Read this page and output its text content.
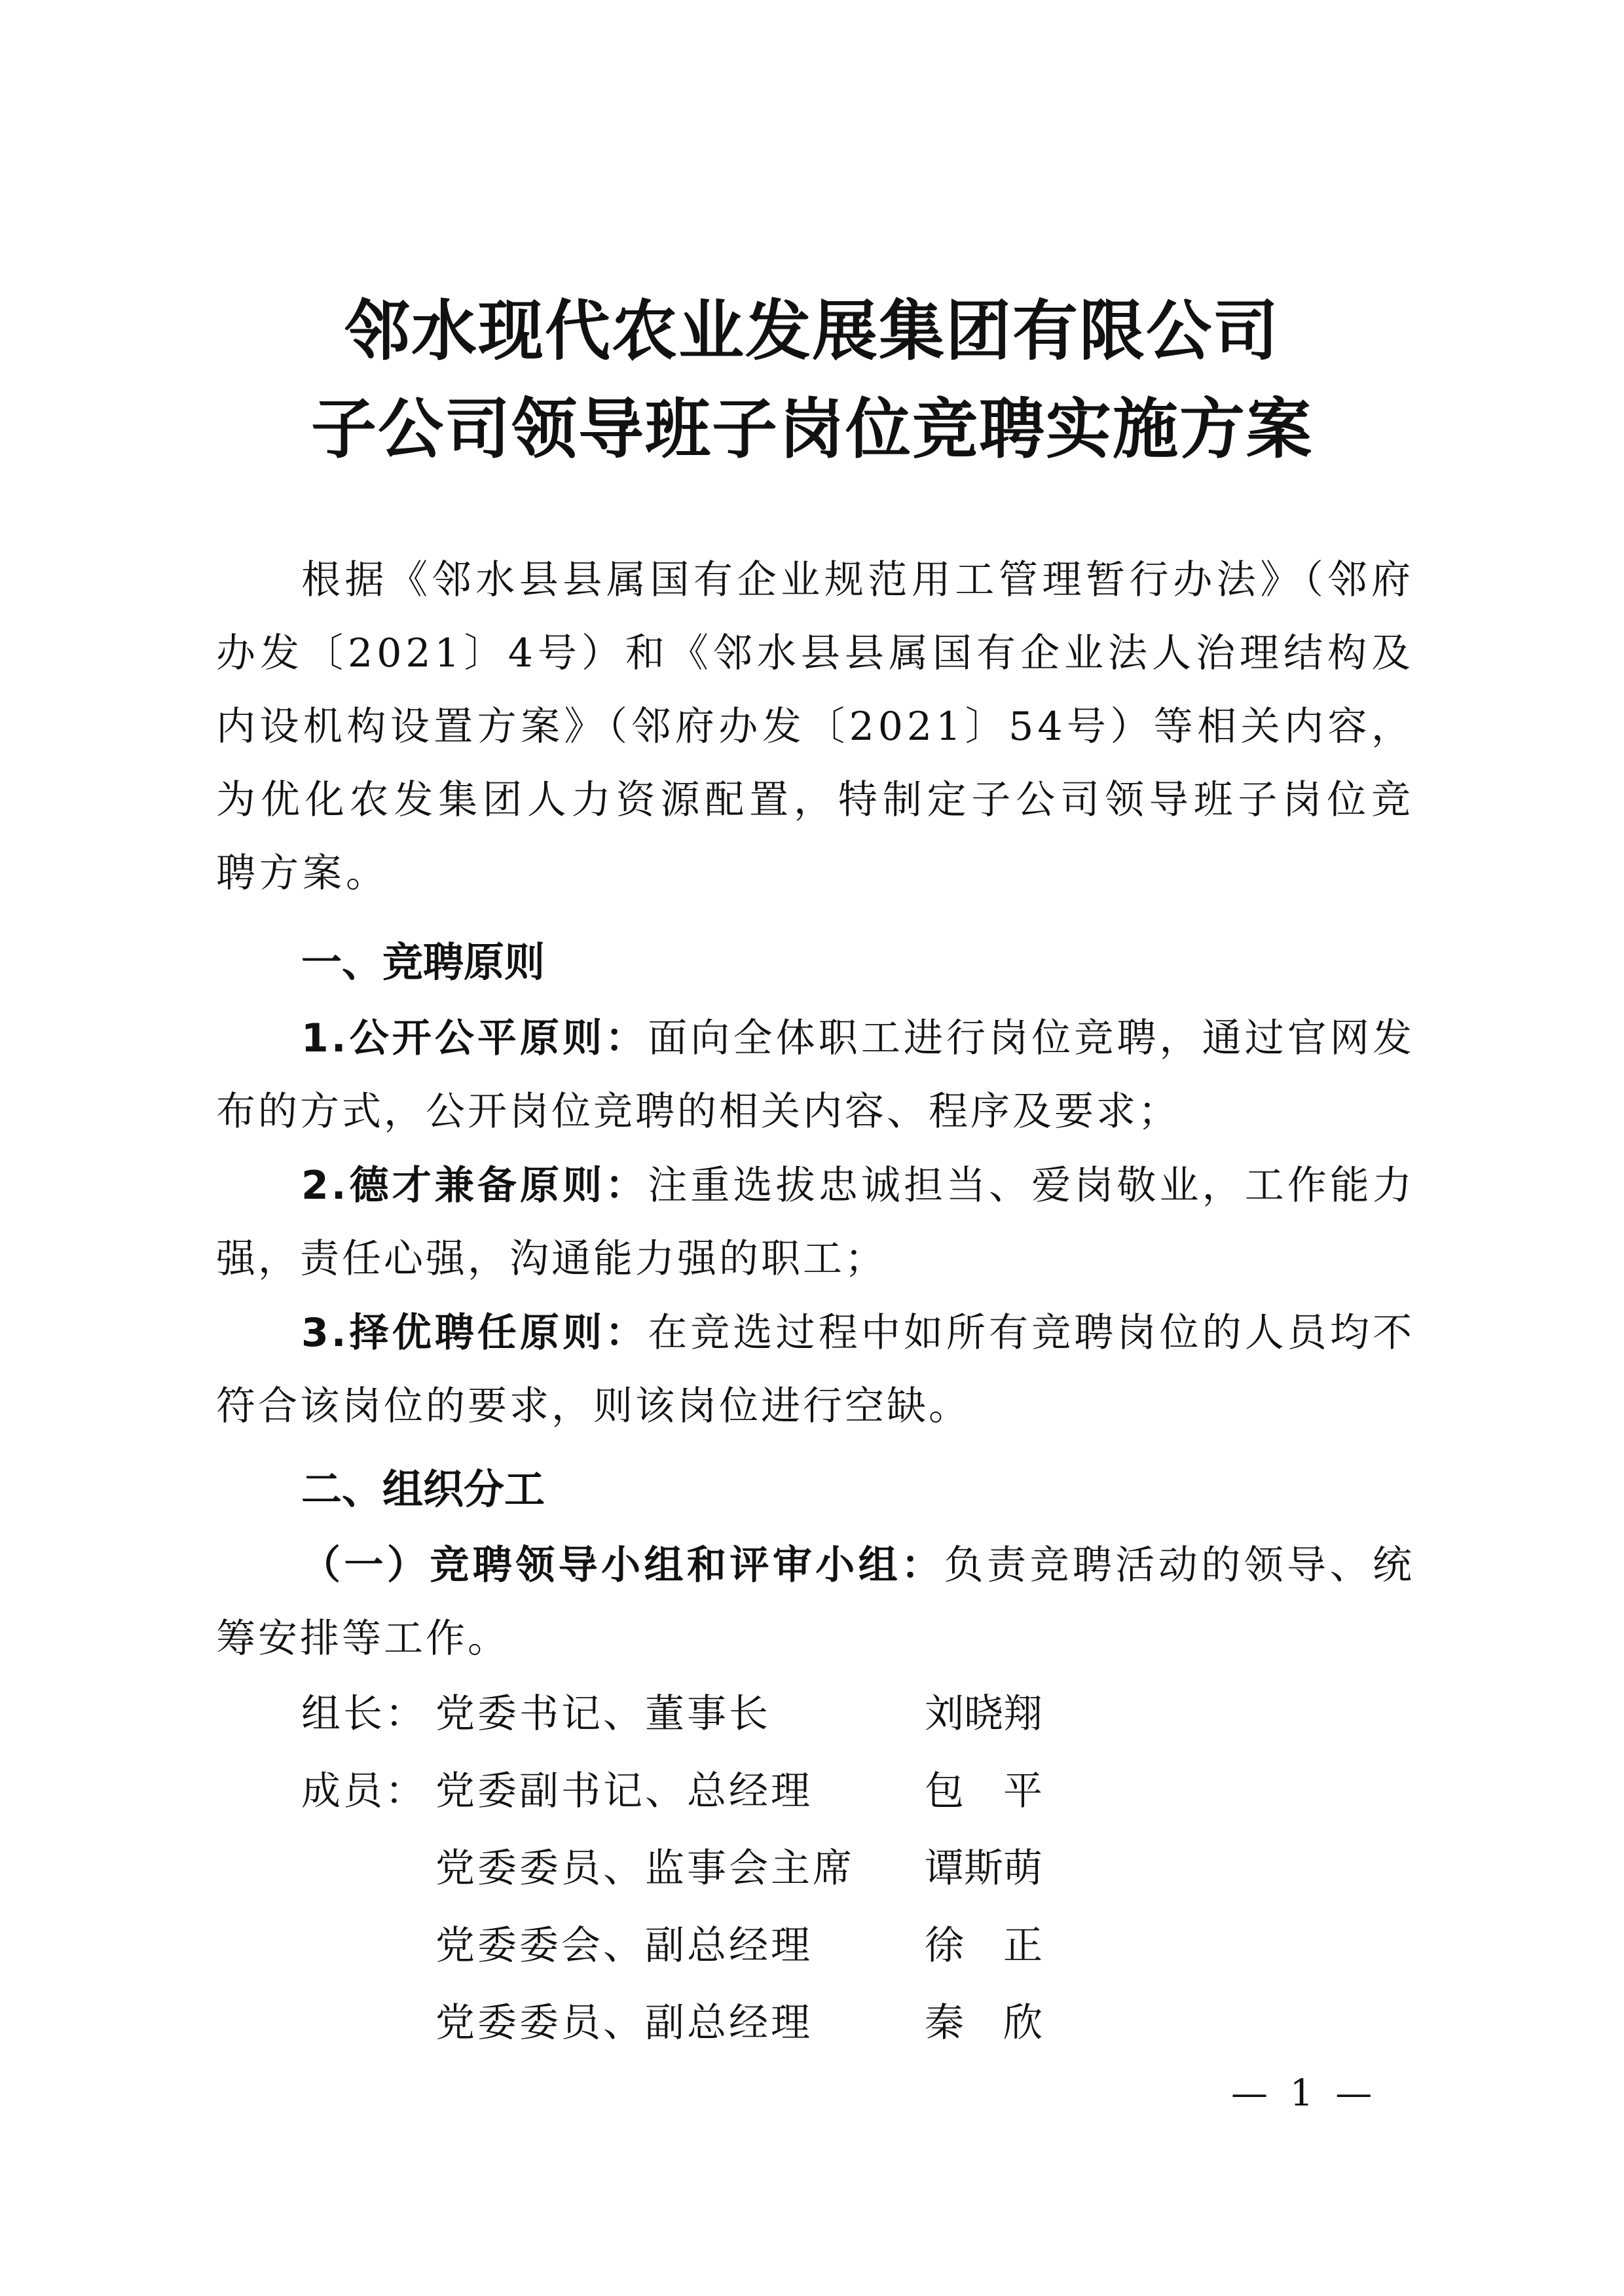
邻水现代农业发展集团有限公司
子公司领导班子岗位竞聘实施方案
根据《邻水县县属国有企业规范用工管理暂行办法》（邻府办发〔2021〕4号）和《邻水县县属国有企业法人治理结构及内设机构设置方案》（邻府办发〔2021〕54号）等相关内容，为优化农发集团人力资源配置，特制定子公司领导班子岗位竞聘方案。
一、竞聘原则
1.公开公平原则：面向全体职工进行岗位竞聘，通过官网发布的方式，公开岗位竞聘的相关内容、程序及要求；
2.德才兼备原则：注重选拔忠诚担当、爱岗敬业，工作能力强，责任心强，沟通能力强的职工；
3.择优聘任原则：在竞选过程中如所有竞聘岗位的人员均不符合该岗位的要求，则该岗位进行空缺。
二、组织分工
（一）竞聘领导小组和评审小组：负责竞聘活动的领导、统筹安排等工作。
组长： 党委书记、董事长	刘晓翔
成员： 党委副书记、总经理	包　平
党委委员、监事会主席 谭斯萌
党委委会、副总经理	徐　正
党委委员、副总经理	秦　欣
— 1 —
